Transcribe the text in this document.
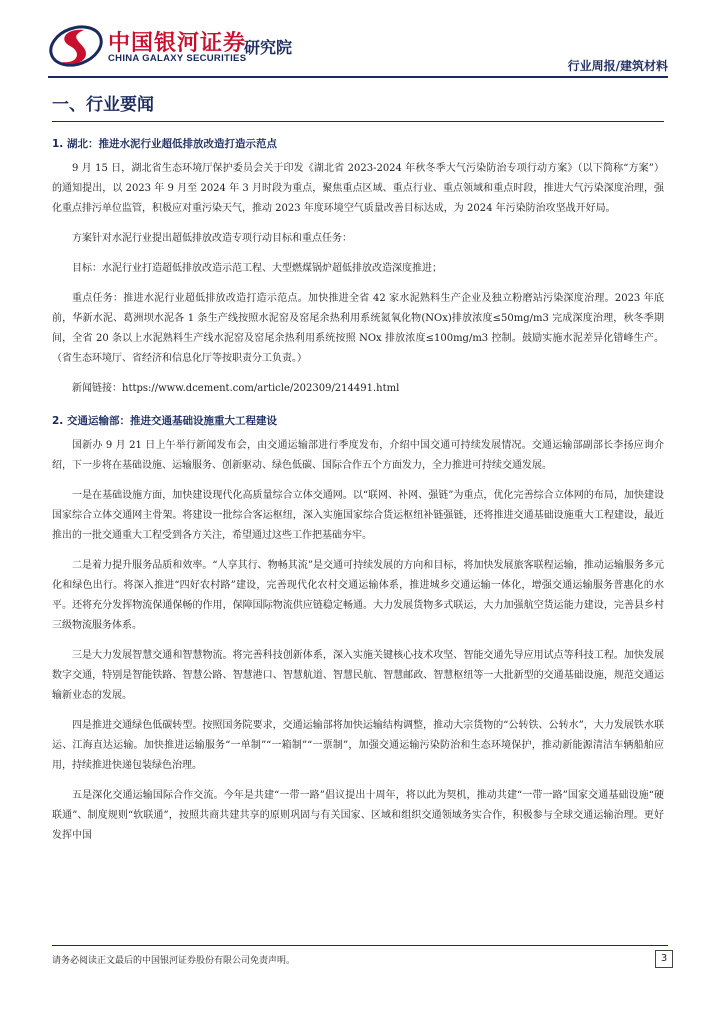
中国银河证券
CHINA GALAXY SECURITIES
研究院
行业周报/建筑材料
一、行业要闻
1. 湖北：推进水泥行业超低排放改造打造示范点

9 月 15 日，湖北省生态环境厅保护委员会关于印发《湖北省 2023-2024 年秋冬季大气污染防治专项行动方案》（以下简称“方案”）的通知提出，以 2023 年 9 月至 2024 年 3 月时段为重点，聚焦重点区域、重点行业、重点领域和重点时段，推进大气污染深度治理，强化重点排污单位监管，积极应对重污染天气，推动 2023 年度环境空气质量改善目标达成，为 2024 年污染防治攻坚战开好局。

方案针对水泥行业提出超低排放改造专项行动目标和重点任务：

目标：水泥行业打造超低排放改造示范工程、大型燃煤锅炉超低排放改造深度推进；

重点任务：推进水泥行业超低排放改造打造示范点。加快推进全省 42 家水泥熟料生产企业及独立粉磨站污染深度治理。2023 年底前，华新水泥、葛洲坝水泥各 1 条生产线按照水泥窑及窑尾余热利用系统氮氧化物(NOx)排放浓度≤50mg/m3 完成深度治理，秋冬季期间，全省 20 条以上水泥熟料生产线水泥窑及窑尾余热利用系统按照 NOx 排放浓度≤100mg/m3 控制。鼓励实施水泥差异化错峰生产。（省生态环境厅、省经济和信息化厅等按职责分工负责。）

新闻链接：https://www.dcement.com/article/202309/214491.html

2. 交通运输部：推进交通基础设施重大工程建设

国新办 9 月 21 日上午举行新闻发布会，由交通运输部进行季度发布，介绍中国交通可持续发展情况。交通运输部副部长李扬应询介绍，下一步将在基础设施、运输服务、创新驱动、绿色低碳、国际合作五个方面发力，全力推进可持续交通发展。

一是在基础设施方面，加快建设现代化高质量综合立体交通网。以“联网、补网、强链”为重点，优化完善综合立体网的布局，加快建设国家综合立体交通网主骨架。将建设一批综合客运枢纽，深入实施国家综合货运枢纽补链强链，还将推进交通基础设施重大工程建设，最近推出的一批交通重大工程受到各方关注，希望通过这些工作把基础夯牢。

二是着力提升服务品质和效率。“人享其行、物畅其流”是交通可持续发展的方向和目标，将加快发展旅客联程运输，推动运输服务多元化和绿色出行。将深入推进“四好农村路”建设，完善现代化农村交通运输体系，推进城乡交通运输一体化，增强交通运输服务普惠化的水平。还将充分发挥物流保通保畅的作用，保障国际物流供应链稳定畅通。大力发展货物多式联运，大力加强航空货运能力建设，完善县乡村三级物流服务体系。

三是大力发展智慧交通和智慧物流。将完善科技创新体系，深入实施关键核心技术攻坚、智能交通先导应用试点等科技工程。加快发展数字交通，特别是智能铁路、智慧公路、智慧港口、智慧航道、智慧民航、智慧邮政、智慧枢纽等一大批新型的交通基础设施，规范交通运输新业态的发展。

四是推进交通绿色低碳转型。按照国务院要求，交通运输部将加快运输结构调整，推动大宗货物的“公转铁、公转水”，大力发展铁水联运、江海直达运输。加快推进运输服务“一单制”“一箱制”“一票制”，加强交通运输污染防治和生态环境保护，推动新能源清洁车辆船舶应用，持续推进快递包装绿色治理。

五是深化交通运输国际合作交流。今年是共建“一带一路”倡议提出十周年，将以此为契机，推动共建“一带一路”国家交通基础设施“硬联通”、制度规则“软联通”，按照共商共建共享的原则巩固与有关国家、区域和组织交通领域务实合作，积极参与全球交通运输治理。更好发挥中国

请务必阅读正文最后的中国银河证券股份有限公司免责声明。	3
